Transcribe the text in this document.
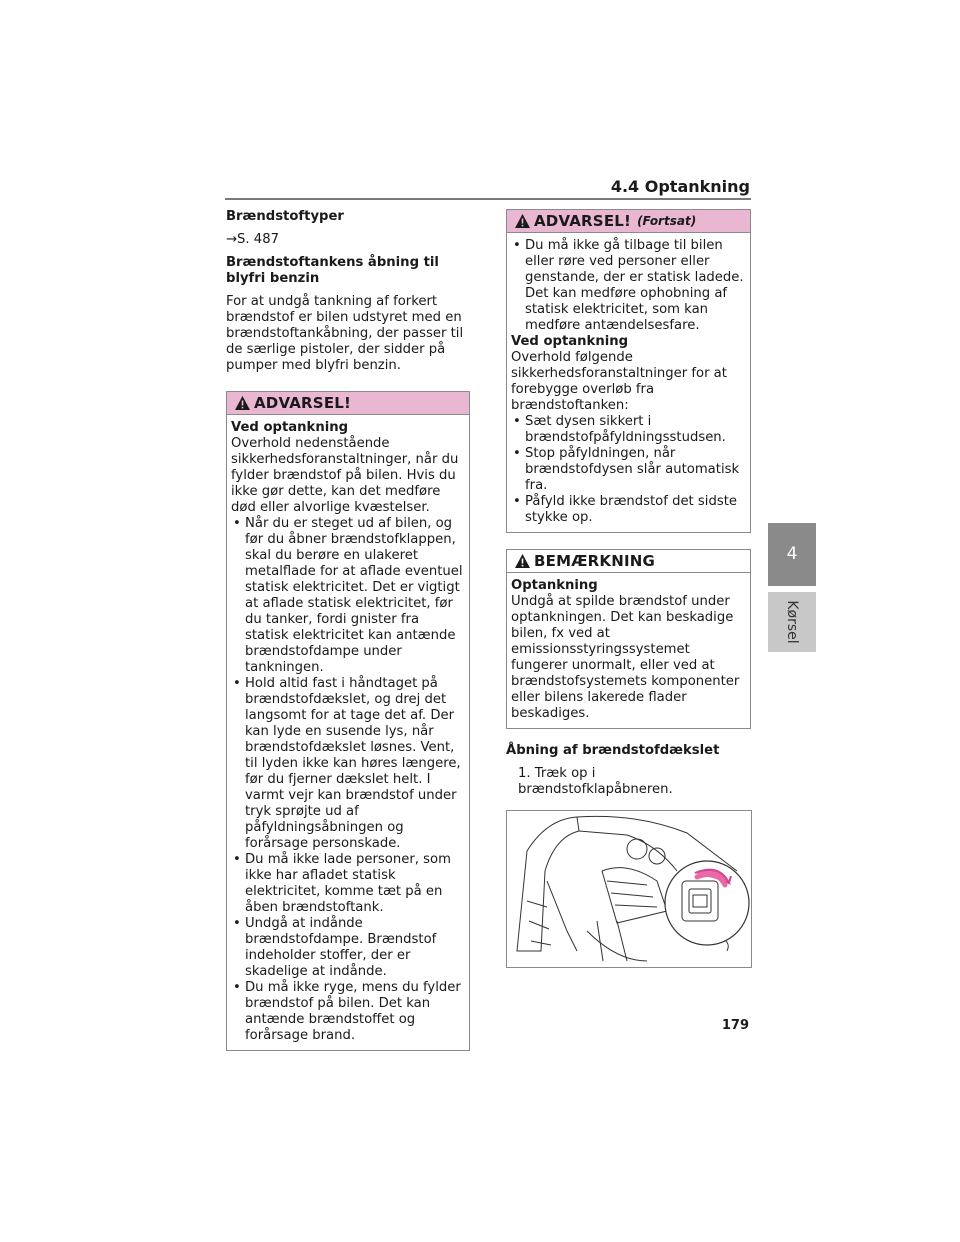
4.4 Optankning
4
Kørsel

Brændstoftyper

→S. 487

Brændstoftankens åbning til blyfri benzin

For at undgå tankning af forkert brændstof er bilen udstyret med en brændstoftankåbning, der passer til de særlige pistoler, der sidder på pumper med blyfri benzin.

ADVARSEL!

Ved optankning

Overhold nedenstående sikkerhedsforanstaltninger, når du fylder brændstof på bilen. Hvis du ikke gør dette, kan det medføre død eller alvorlige kvæstelser.

• Når du er steget ud af bilen, og før du åbner brændstofklappen, skal du berøre en ulakeret metalflade for at aflade eventuel statisk elektricitet. Det er vigtigt at aflade statisk elektricitet, før du tanker, fordi gnister fra statisk elektricitet kan antænde brændstofdampe under tankningen.
• Hold altid fast i håndtaget på brændstofdækslet, og drej det langsomt for at tage det af. Der kan lyde en susende lys, når brændstofdækslet løsnes. Vent, til lyden ikke kan høres længere, før du fjerner dækslet helt. I varmt vejr kan brændstof under tryk sprøjte ud af påfyldningsåbningen og forårsage personskade.
• Du må ikke lade personer, som ikke har afladet statisk elektricitet, komme tæt på en åben brændstoftank.
• Undgå at indånde brændstofdampe. Brændstof indeholder stoffer, der er skadelige at indånde.
• Du må ikke ryge, mens du fylder brændstof på bilen. Det kan antænde brændstoffet og forårsage brand.
ADVARSEL! (Fortsat)
• Du må ikke gå tilbage til bilen eller røre ved personer eller genstande, der er statisk ladede. Det kan medføre ophobning af statisk elektricitet, som kan medføre antændelsesfare.

Ved optankning

Overhold følgende sikkerhedsforanstaltninger for at forebygge overløb fra brændstoftanken:

• Sæt dysen sikkert i brændstofpåfyldningsstudsen.
• Stop påfyldningen, når brændstofdysen slår automatisk fra.
• Påfyld ikke brændstof det sidste stykke op.
BEMÆRKNING

Optankning

Undgå at spilde brændstof under optankningen. Det kan beskadige bilen, fx ved at emissionsstyringssystemet fungerer unormalt, eller ved at brændstofsystemets komponenter eller bilens lakerede flader beskadiges.

Åbning af brændstofdækslet

1. Træk op i brændstofklapåbneren.

179
